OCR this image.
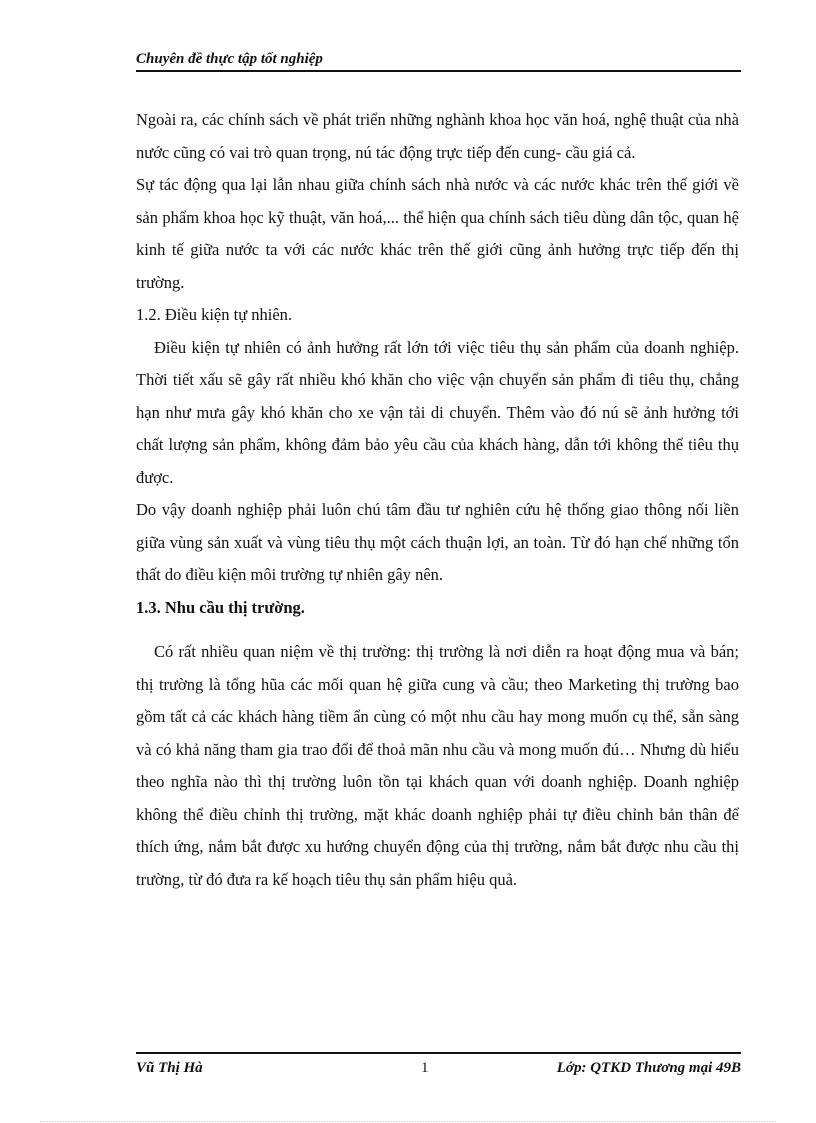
Chuyên đề thực tập tốt nghiệp

Ngoài ra, các chính sách về phát triển những nghành khoa học văn hoá, nghệ thuật của nhà nước cũng có vai trò quan trọng, nú tác động trực tiếp đến cung- cầu giá cả.

Sự tác động qua lại lẫn nhau giữa chính sách nhà nước và các nước khác trên thế giới về sản phẩm khoa học kỹ thuật, văn hoá,... thể hiện qua chính sách tiêu dùng dân tộc, quan hệ kinh tế giữa nước ta với các nước khác trên thế giới cũng ảnh hưởng trực tiếp đến thị trường.

1.2. Điều kiện tự nhiên.

Điều kiện tự nhiên có ảnh hưởng rất lớn tới việc tiêu thụ sản phẩm của doanh nghiệp. Thời tiết xấu sẽ gây rất nhiều khó khăn cho việc vận chuyển sản phẩm đi tiêu thụ, chẳng hạn như mưa gây khó khăn cho xe vận tải di chuyển. Thêm vào đó nú sẽ ảnh hưởng tới chất lượng sản phẩm, không đảm bảo yêu cầu của khách hàng, dẫn tới không thể tiêu thụ được.

Do vậy doanh nghiệp phải luôn chú tâm đầu tư nghiên cứu hệ thống giao thông nối liền giữa vùng sản xuất và vùng tiêu thụ một cách thuận lợi, an toàn. Từ đó hạn chế những tổn thất do điều kiện môi trường tự nhiên gây nên.

1.3. Nhu cầu thị trường.

Có rất nhiều quan niệm về thị trường: thị trường là nơi diễn ra hoạt động mua và bán; thị trường là tổng hũa các mối quan hệ giữa cung và cầu; theo Marketing thị trường bao gồm tất cả các khách hàng tiềm ẩn cùng có một nhu cầu hay mong muốn cụ thể, sẵn sàng và có khả năng tham gia trao đổi để thoả mãn nhu cầu và mong muốn đú… Nhưng dù hiểu theo nghĩa nào thì thị trường luôn tồn tại khách quan với doanh nghiệp. Doanh nghiệp không thể điều chỉnh thị trường, mặt khác doanh nghiệp phải tự điều chỉnh bản thân để thích ứng, nắm bắt được xu hướng chuyển động của thị trường, nắm bắt được nhu cầu thị trường, từ đó đưa ra kế hoạch tiêu thụ sản phẩm hiệu quả.

Vũ Thị Hà	1	Lớp: QTKD Thương mại 49B
